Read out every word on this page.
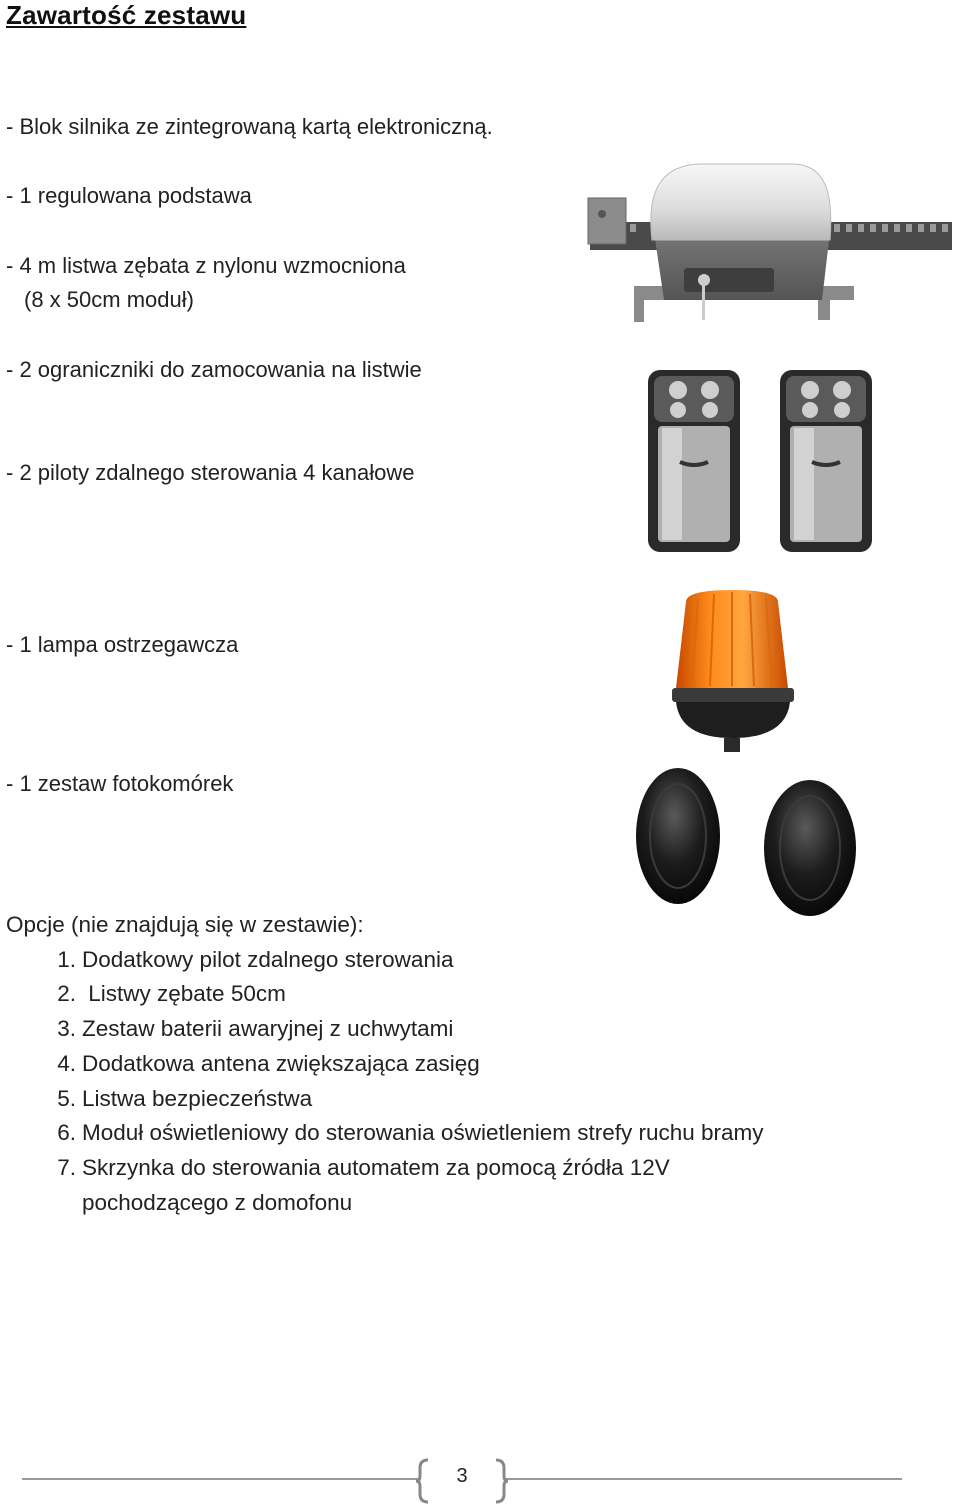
Zawartość zestawu
- Blok silnika ze zintegrowaną kartą elektroniczną.
- 1 regulowana podstawa
- 4 m listwa zębata z nylonu wzmocniona
(8 x 50cm moduł)
- 2 ograniczniki do zamocowania na listwie
- 2 piloty zdalnego sterowania 4 kanałowe
- 1 lampa ostrzegawcza
- 1 zestaw fotokomórek
Opcje (nie znajdują się w zestawie):
1. Dodatkowy pilot zdalnego sterowania
2. Listwy zębate 50cm
3. Zestaw baterii awaryjnej z uchwytami
4. Dodatkowa antena zwiększająca zasięg
5. Listwa bezpieczeństwa
6. Moduł oświetleniowy do sterowania oświetleniem strefy ruchu bramy
7. Skrzynka do sterowania automatem za pomocą źródła 12V
pochodzącego z domofonu
3
